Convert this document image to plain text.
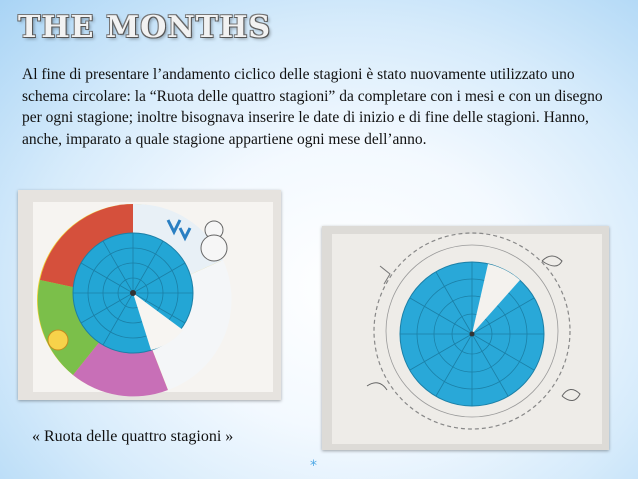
THE MONTHS

Al fine di presentare l’andamento ciclico delle stagioni è stato nuovamente utilizzato uno schema circolare: la “Ruota delle quattro stagioni” da completare con i mesi e con un disegno per ogni stagione; inoltre bisognava inserire le date di inizio e di fine delle stagioni. Hanno, anche, imparato a quale stagione appartiene ogni mese dell’anno.

« Ruota delle quattro stagioni »

*
